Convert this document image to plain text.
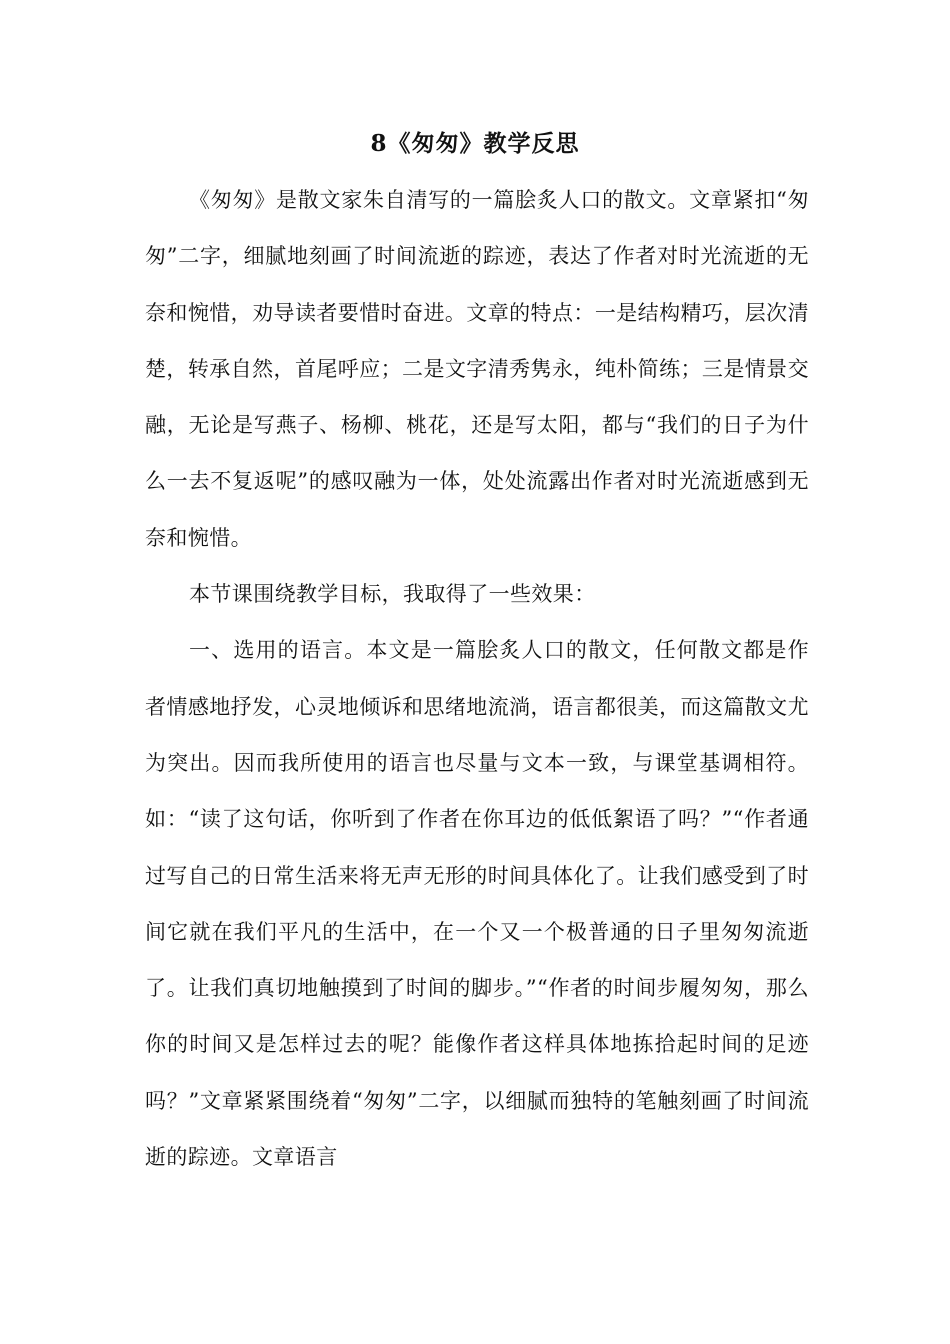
8《匆匆》教学反思

《匆匆》是散文家朱自清写的一篇脍炙人口的散文。文章紧扣“匆匆”二字，细腻地刻画了时间流逝的踪迹，表达了作者对时光流逝的无奈和惋惜，劝导读者要惜时奋进。文章的特点：一是结构精巧，层次清楚，转承自然，首尾呼应；二是文字清秀隽永，纯朴简练；三是情景交融，无论是写燕子、杨柳、桃花，还是写太阳，都与“我们的日子为什么一去不复返呢”的感叹融为一体，处处流露出作者对时光流逝感到无奈和惋惜。

本节课围绕教学目标，我取得了一些效果：

一、选用的语言。本文是一篇脍炙人口的散文，任何散文都是作者情感地抒发，心灵地倾诉和思绪地流淌，语言都很美，而这篇散文尤为突出。因而我所使用的语言也尽量与文本一致，与课堂基调相符。如：“读了这句话，你听到了作者在你耳边的低低絮语了吗？”“作者通过写自己的日常生活来将无声无形的时间具体化了。让我们感受到了时间它就在我们平凡的生活中，在一个又一个极普通的日子里匆匆流逝了。让我们真切地触摸到了时间的脚步。”“作者的时间步履匆匆，那么你的时间又是怎样过去的呢？能像作者这样具体地拣拾起时间的足迹吗？”文章紧紧围绕着“匆匆”二字，以细腻而独特的笔触刻画了时间流逝的踪迹。文章语言
